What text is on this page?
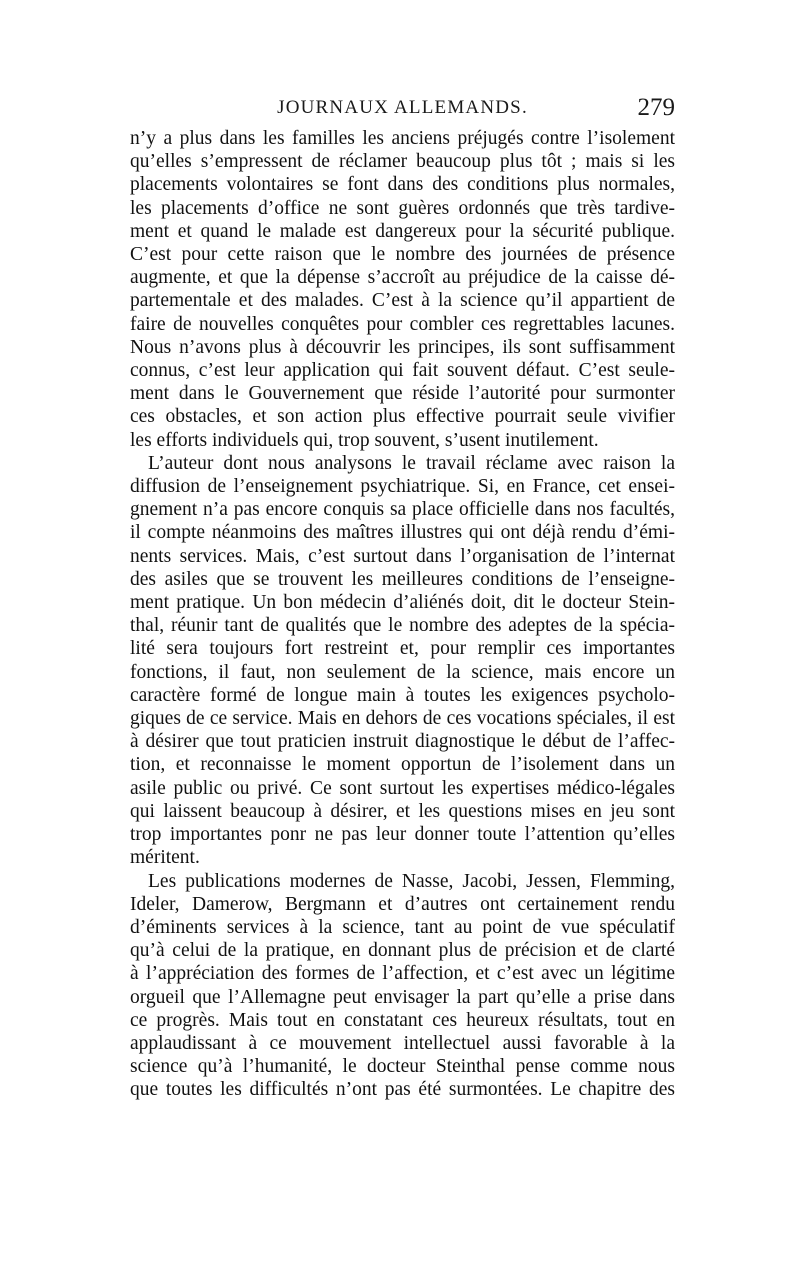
JOURNAUX ALLEMANDS.	279

n’y a plus dans les familles les anciens préjugés contre l’isolement
qu’elles s’empressent de réclamer beaucoup plus tôt ; mais si les
placements volontaires se font dans des conditions plus normales,
les placements d’office ne sont guères ordonnés que très tardive-
ment et quand le malade est dangereux pour la sécurité publique.
C’est pour cette raison que le nombre des journées de présence
augmente, et que la dépense s’accroît au préjudice de la caisse dé-
partementale et des malades. C’est à la science qu’il appartient de
faire de nouvelles conquêtes pour combler ces regrettables lacunes.
Nous n’avons plus à découvrir les principes, ils sont suffisamment
connus, c’est leur application qui fait souvent défaut. C’est seule-
ment dans le Gouvernement que réside l’autorité pour surmonter
ces obstacles, et son action plus effective pourrait seule vivifier
les efforts individuels qui, trop souvent, s’usent inutilement.

L’auteur dont nous analysons le travail réclame avec raison la
diffusion de l’enseignement psychiatrique. Si, en France, cet ensei-
gnement n’a pas encore conquis sa place officielle dans nos facultés,
il compte néanmoins des maîtres illustres qui ont déjà rendu d’émi-
nents services. Mais, c’est surtout dans l’organisation de l’internat
des asiles que se trouvent les meilleures conditions de l’enseigne-
ment pratique. Un bon médecin d’aliénés doit, dit le docteur Stein-
thal, réunir tant de qualités que le nombre des adeptes de la spécia-
lité sera toujours fort restreint et, pour remplir ces importantes
fonctions, il faut, non seulement de la science, mais encore un
caractère formé de longue main à toutes les exigences psycholo-
giques de ce service. Mais en dehors de ces vocations spéciales, il est
à désirer que tout praticien instruit diagnostique le début de l’affec-
tion, et reconnaisse le moment opportun de l’isolement dans un
asile public ou privé. Ce sont surtout les expertises médico-légales
qui laissent beaucoup à désirer, et les questions mises en jeu sont
trop importantes ponr ne pas leur donner toute l’attention qu’elles
méritent.

Les publications modernes de Nasse, Jacobi, Jessen, Flemming,
Ideler, Damerow, Bergmann et d’autres ont certainement rendu
d’éminents services à la science, tant au point de vue spéculatif
qu’à celui de la pratique, en donnant plus de précision et de clarté
à l’appréciation des formes de l’affection, et c’est avec un légitime
orgueil que l’Allemagne peut envisager la part qu’elle a prise dans
ce progrès. Mais tout en constatant ces heureux résultats, tout en
applaudissant à ce mouvement intellectuel aussi favorable à la
science qu’à l’humanité, le docteur Steinthal pense comme nous
que toutes les difficultés n’ont pas été surmontées. Le chapitre des
